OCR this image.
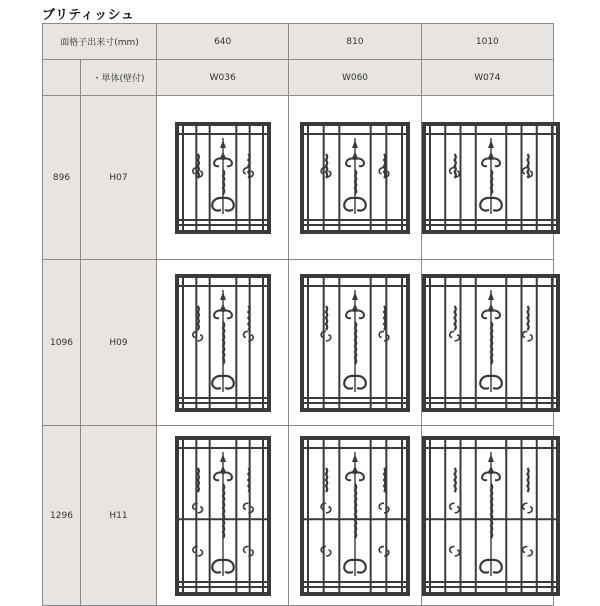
ブリティッシュ
面格子出来寸(mm)		640	810	1010
	・単体(壁付)	W036	W060	W074
896	H07	

1096	H09	

1296	H11	
